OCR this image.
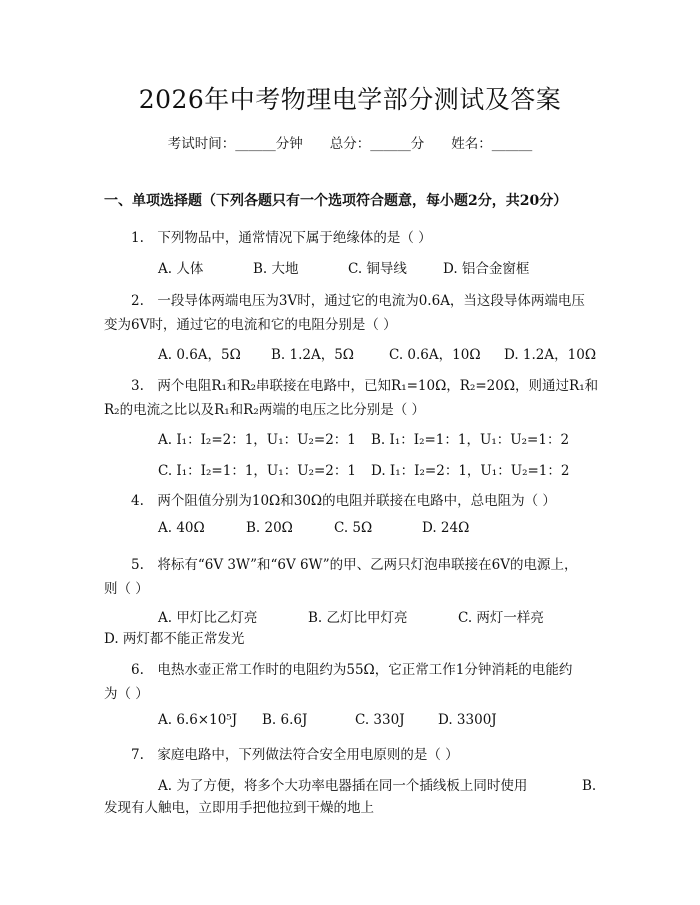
2026年中考物理电学部分测试及答案
考试时间：______分钟　　总分：______分　　姓名：______
一、单项选择题（下列各题只有一个选项符合题意，每小题2分，共20分）
1.　下列物品中，通常情况下属于绝缘体的是（ ）
A. 人体	B. 大地	C. 铜导线	D. 铝合金窗框
2.　一段导体两端电压为3V时，通过它的电流为0.6A，当这段导体两端电压
变为6V时，通过它的电流和它的电阻分别是（ ）
A. 0.6A，5Ω B. 1.2A，5Ω	C. 0.6A，10Ω D. 1.2A，10Ω
3.　两个电阻R₁和R₂串联接在电路中，已知R₁=10Ω，R₂=20Ω，则通过R₁和
R₂的电流之比以及R₁和R₂两端的电压之比分别是（ ）
A. I₁：I₂=2：1，U₁：U₂=2：1 B. I₁：I₂=1：1，U₁：U₂=1：2
C. I₁：I₂=1：1，U₁：U₂=2：1 D. I₁：I₂=2：1，U₁：U₂=1：2
4.　两个阻值分别为10Ω和30Ω的电阻并联接在电路中，总电阻为（ ）
A. 40Ω	B. 20Ω	C. 5Ω	D. 24Ω
5.　将标有“6V 3W”和“6V 6W”的甲、乙两只灯泡串联接在6V的电源上，
则（ ）
A. 甲灯比乙灯亮	B. 乙灯比甲灯亮	C. 两灯一样亮
D. 两灯都不能正常发光
6.　电热水壶正常工作时的电阻约为55Ω，它正常工作1分钟消耗的电能约
为（ ）
A. 6.6×10⁵J B. 6.6J	C. 330J D. 3300J
7.　家庭电路中，下列做法符合安全用电原则的是（ ）
A. 为了方便，将多个大功率电器插在同一个插线板上同时使用	B.
发现有人触电，立即用手把他拉到干燥的地上
